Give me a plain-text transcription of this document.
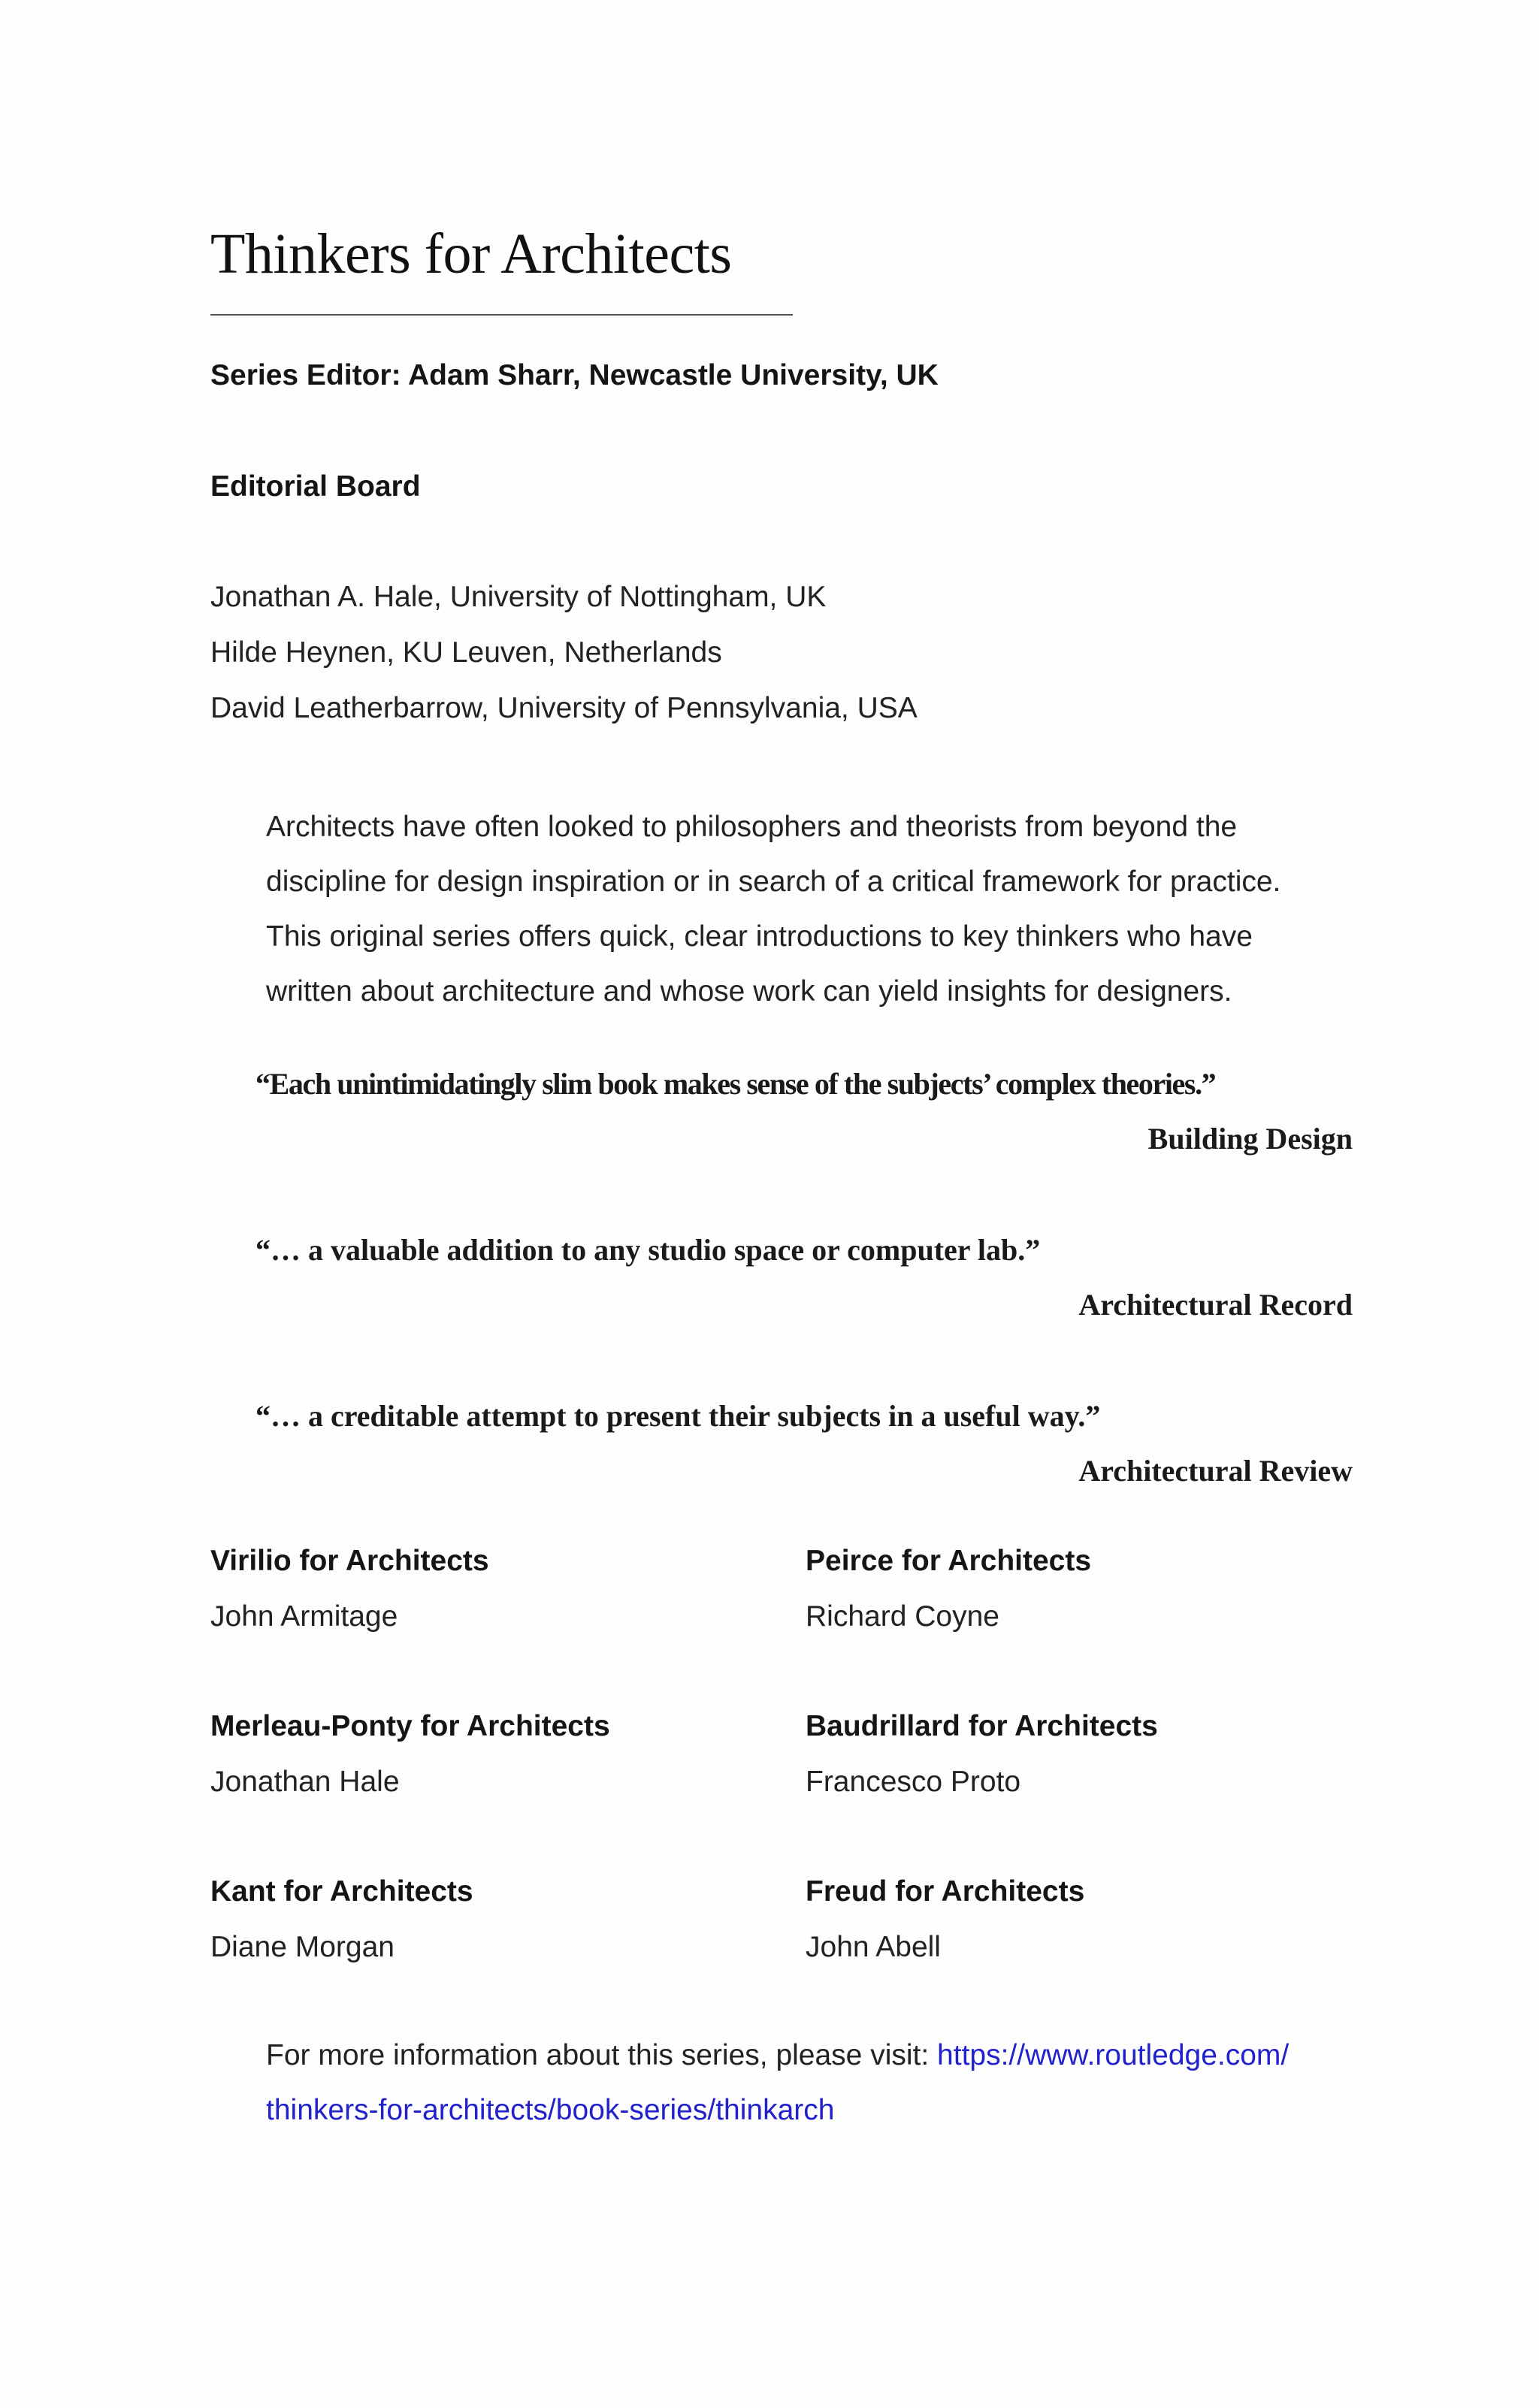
Thinkers for Architects
Series Editor: Adam Sharr, Newcastle University, UK
Editorial Board
Jonathan A. Hale, University of Nottingham, UK
Hilde Heynen, KU Leuven, Netherlands
David Leatherbarrow, University of Pennsylvania, USA
Architects have often looked to philosophers and theorists from beyond the
discipline for design inspiration or in search of a critical framework for practice.
This original series offers quick, clear introductions to key thinkers who have
written about architecture and whose work can yield insights for designers.
“Each unintimidatingly slim book makes sense of the subjects’ complex theories.”
Building Design
“… a valuable addition to any studio space or computer lab.”
Architectural Record
“… a creditable attempt to present their subjects in a useful way.”
Architectural Review
Virilio for Architects
John Armitage
Peirce for Architects
Richard Coyne
Merleau-Ponty for Architects
Jonathan Hale
Baudrillard for Architects
Francesco Proto
Kant for Architects
Diane Morgan
Freud for Architects
John Abell
For more information about this series, please visit: https://www.routledge.com/
thinkers-for-architects/book-series/thinkarch
